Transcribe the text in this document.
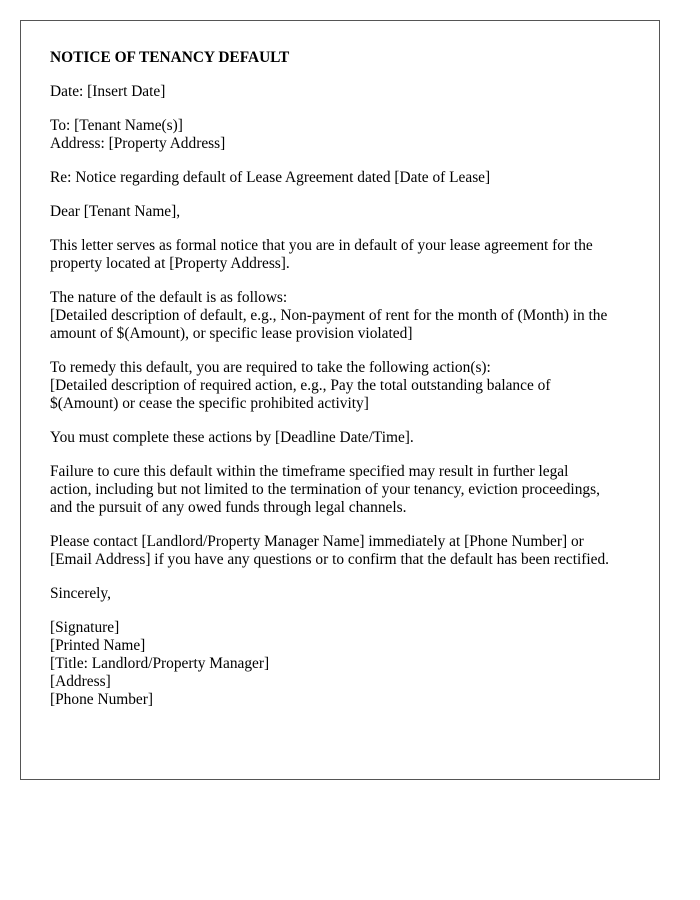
NOTICE OF TENANCY DEFAULT
Date: [Insert Date]
To: [Tenant Name(s)]
Address: [Property Address]
Re: Notice regarding default of Lease Agreement dated [Date of Lease]
Dear [Tenant Name],
This letter serves as formal notice that you are in default of your lease agreement for the
property located at [Property Address].
The nature of the default is as follows:
[Detailed description of default, e.g., Non-payment of rent for the month of (Month) in the
amount of $(Amount), or specific lease provision violated]
To remedy this default, you are required to take the following action(s):
[Detailed description of required action, e.g., Pay the total outstanding balance of
$(Amount) or cease the specific prohibited activity]
You must complete these actions by [Deadline Date/Time].
Failure to cure this default within the timeframe specified may result in further legal
action, including but not limited to the termination of your tenancy, eviction proceedings,
and the pursuit of any owed funds through legal channels.
Please contact [Landlord/Property Manager Name] immediately at [Phone Number] or
[Email Address] if you have any questions or to confirm that the default has been rectified.
Sincerely,
[Signature]
[Printed Name]
[Title: Landlord/Property Manager]
[Address]
[Phone Number]
